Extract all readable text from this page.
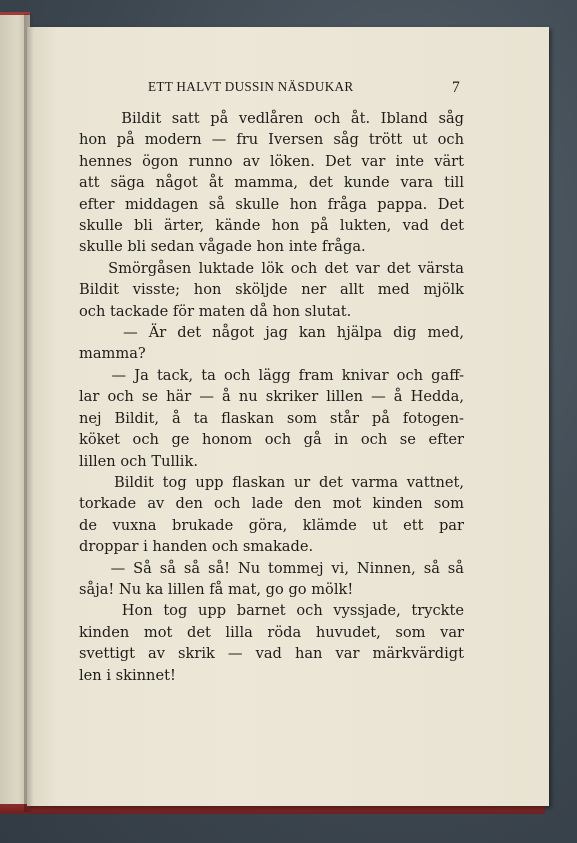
ETT HALVT DUSSIN NÄSDUKAR	7
Bildit satt på vedlåren och åt. Ibland såg
hon på modern — fru Iversen såg trött ut och
hennes ögon runno av löken. Det var inte värt
att säga något åt mamma, det kunde vara till
efter middagen så skulle hon fråga pappa. Det
skulle bli ärter, kände hon på lukten, vad det
skulle bli sedan vågade hon inte fråga.
Smörgåsen luktade lök och det var det värsta
Bildit visste; hon sköljde ner allt med mjölk
och tackade för maten då hon slutat.
— Är det något jag kan hjälpa dig med,
mamma?
— Ja tack, ta och lägg fram knivar och gaff-
lar och se här — å nu skriker lillen — å Hedda,
nej Bildit, å ta flaskan som står på fotogen-
köket och ge honom och gå in och se efter
lillen och Tullik.
Bildit tog upp flaskan ur det varma vattnet,
torkade av den och lade den mot kinden som
de vuxna brukade göra, klämde ut ett par
droppar i handen och smakade.
— Så så så så! Nu tommej vi, Ninnen, så så
såja! Nu ka lillen få mat, go go mölk!
Hon tog upp barnet och vyssjade, tryckte
kinden mot det lilla röda huvudet, som var
svettigt av skrik — vad han var märkvärdigt
len i skinnet!
